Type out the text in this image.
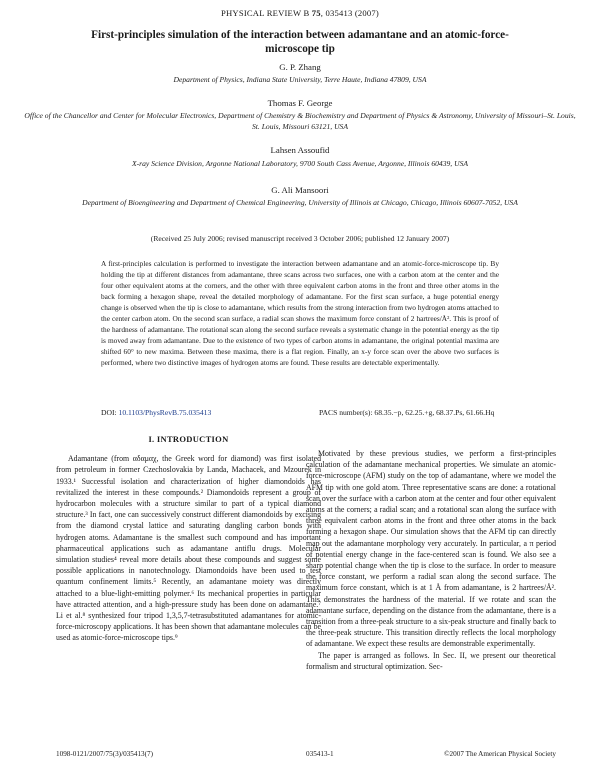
PHYSICAL REVIEW B 75, 035413 (2007)
First-principles simulation of the interaction between adamantane and an atomic-force-microscope tip
G. P. Zhang
Department of Physics, Indiana State University, Terre Haute, Indiana 47809, USA
Thomas F. George
Office of the Chancellor and Center for Molecular Electronics, Department of Chemistry & Biochemistry and Department of Physics & Astronomy, University of Missouri–St. Louis, St. Louis, Missouri 63121, USA
Lahsen Assoufid
X-ray Science Division, Argonne National Laboratory, 9700 South Cass Avenue, Argonne, Illinois 60439, USA
G. Ali Mansoori
Department of Bioengineering and Department of Chemical Engineering, University of Illinois at Chicago, Chicago, Illinois 60607-7052, USA
(Received 25 July 2006; revised manuscript received 3 October 2006; published 12 January 2007)

A first-principles calculation is performed to investigate the interaction between adamantane and an atomic-force-microscope tip. By holding the tip at different distances from adamantane, three scans across two surfaces, one with a carbon atom at the center and the four other equivalent atoms at the corners, and the other with three equivalent carbon atoms in the front and three other atoms in the back forming a hexagon shape, reveal the detailed morphology of adamantane. For the first scan surface, a huge potential energy change is observed when the tip is close to adamantane, which results from the strong interaction from two hydrogen atoms attached to the center carbon atom. On the second scan surface, a radial scan shows the maximum force constant of 2 hartrees/Å². This is proof of the hardness of adamantane. The rotational scan along the second surface reveals a systematic change in the potential energy as the tip is moved away from adamantane. Due to the existence of two types of carbon atoms in adamantane, the original potential maxima are shifted 60° to new maxima. Between these maxima, there is a flat region. Finally, an x-y force scan over the above two surfaces is performed, where two distinctive images of hydrogen atoms are found. These results are detectable experimentally.

DOI: 10.1103/PhysRevB.75.035413	PACS number(s): 68.35.−p, 62.25.+g, 68.37.Ps, 61.66.Hq
I. INTRODUCTION

Adamantane (from αδαμαχ, the Greek word for diamond) was first isolated from petroleum in former Czechoslovakia by Landa, Machacek, and Mzourek in 1933.¹ Successful isolation and characterization of higher diamondoids has revitalized the interest in these compounds.² Diamondoids represent a group of hydrocarbon molecules with a structure similar to part of a typical diamond structure.³ In fact, one can successively construct different diamondoids by excising from the diamond crystal lattice and saturating dangling carbon bonds with hydrogen atoms. Adamantane is the smallest such compound and has important pharmaceutical applications such as adamantane antiflu drugs. Molecular simulation studies⁴ reveal more details about these compounds and suggest some possible applications in nanotechnology. Diamondoids have been used to test quantum confinement limits.⁵ Recently, an adamantane moiety was directly attached to a blue-light-emitting polymer.⁶ Its mechanical properties in particular have attracted attention, and a high-pressure study has been done on adamantane.⁷ Li et al.⁸ synthesized four tripod 1,3,5,7-tetrasubstituted adamantanes for atomic-force-microscopy applications. It has been shown that adamantane molecules can be used as atomic-force-microscope tips.⁹

Motivated by these previous studies, we perform a first-principles calculation of the adamantane mechanical properties. We simulate an atomic-force-microscope (AFM) study on the top of adamantane, where we model the AFM tip with one gold atom. Three representative scans are done: a rotational scan over the surface with a carbon atom at the center and four other equivalent atoms at the corners; a radial scan; and a rotational scan along the surface with three equivalent carbon atoms in the front and three other atoms in the back forming a hexagon shape. Our simulation shows that the AFM tip can directly map out the adamantane morphology very accurately. In particular, a π period of potential energy change in the face-centered scan is found. We also see a sharp potential change when the tip is close to the surface. In order to measure the force constant, we perform a radial scan along the second surface. The maximum force constant, which is at 1 Å from adamantane, is 2 hartrees/Å². This demonstrates the hardness of the material. If we rotate and scan the adamantane surface, depending on the distance from the adamantane, there is a transition from a three-peak structure to a six-peak structure and finally back to the three-peak structure. This transition directly reflects the local morphology of adamantane. We expect these results are demonstrable experimentally.

The paper is arranged as follows. In Sec. II, we present our theoretical formalism and structural optimization. Sec-

1098-0121/2007/75(3)/035413(7)	035413-1	©2007 The American Physical Society
